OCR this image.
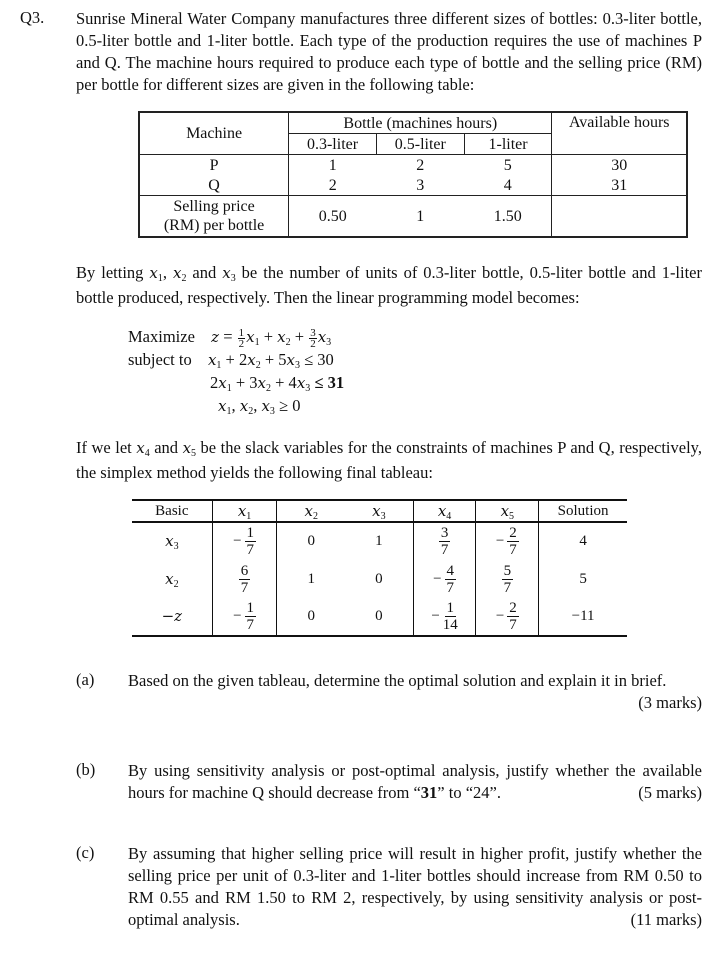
Q3. Sunrise Mineral Water Company manufactures three different sizes of bottles: 0.3-liter bottle, 0.5-liter bottle and 1-liter bottle. Each type of the production requires the use of machines P and Q. The machine hours required to produce each type of bottle and the selling price (RM) per bottle for different sizes are given in the following table:
Machine	Bottle (machines hours)			Available hours
	0.3-liter	0.5-liter	1-liter	
P	1	2	5	30
Q	2	3	4	31

Selling price
(RM) per bottle	0.50	1	1.50	
By letting x1, x2 and x3 be the number of units of 0.3-liter bottle, 0.5-liter bottle and 1-liter bottle produced, respectively. Then the linear programming model becomes:
Maximize $z = \frac{1}{2} x1 + x2 + \frac{3}{2} x3$
subject to x1 + 2x2 + 5x3 ≤ 30
2x1 + 3x2 + 4x3 ≤ 31
x1, x2, x3 ≥ 0
If we let x4 and x5 be the slack variables for the constraints of machines P and Q, respectively, the simplex method yields the following final tableau:
Basic	$x_1$	$x_2$	$x_3$	$x_4$	$x_5$	Solution
$x_3$	− $\frac{1}{7}$	0	1	$\frac{3}{7}$	− $\frac{2}{7}$	4
$x_2$	$\frac{6}{7}$	1	0	− $\frac{4}{7}$	$\frac{5}{7}$	5
−z	− $\frac{1}{7}$	0	0	− $\frac{1}{14}$	− $\frac{2}{7}$	−11
(a) Based on the given tableau, determine the optimal solution and explain it in brief.
(3 marks)
(b) By using sensitivity analysis or post-optimal analysis, justify whether the available hours for machine Q should decrease from “31” to “24”.	(5 marks)
(c) By assuming that higher selling price will result in higher profit, justify whether the selling price per unit of 0.3-liter and 1-liter bottles should increase from RM 0.50 to RM 0.55 and RM 1.50 to RM 2, respectively, by using sensitivity analysis or post-optimal analysis.	(11 marks)
